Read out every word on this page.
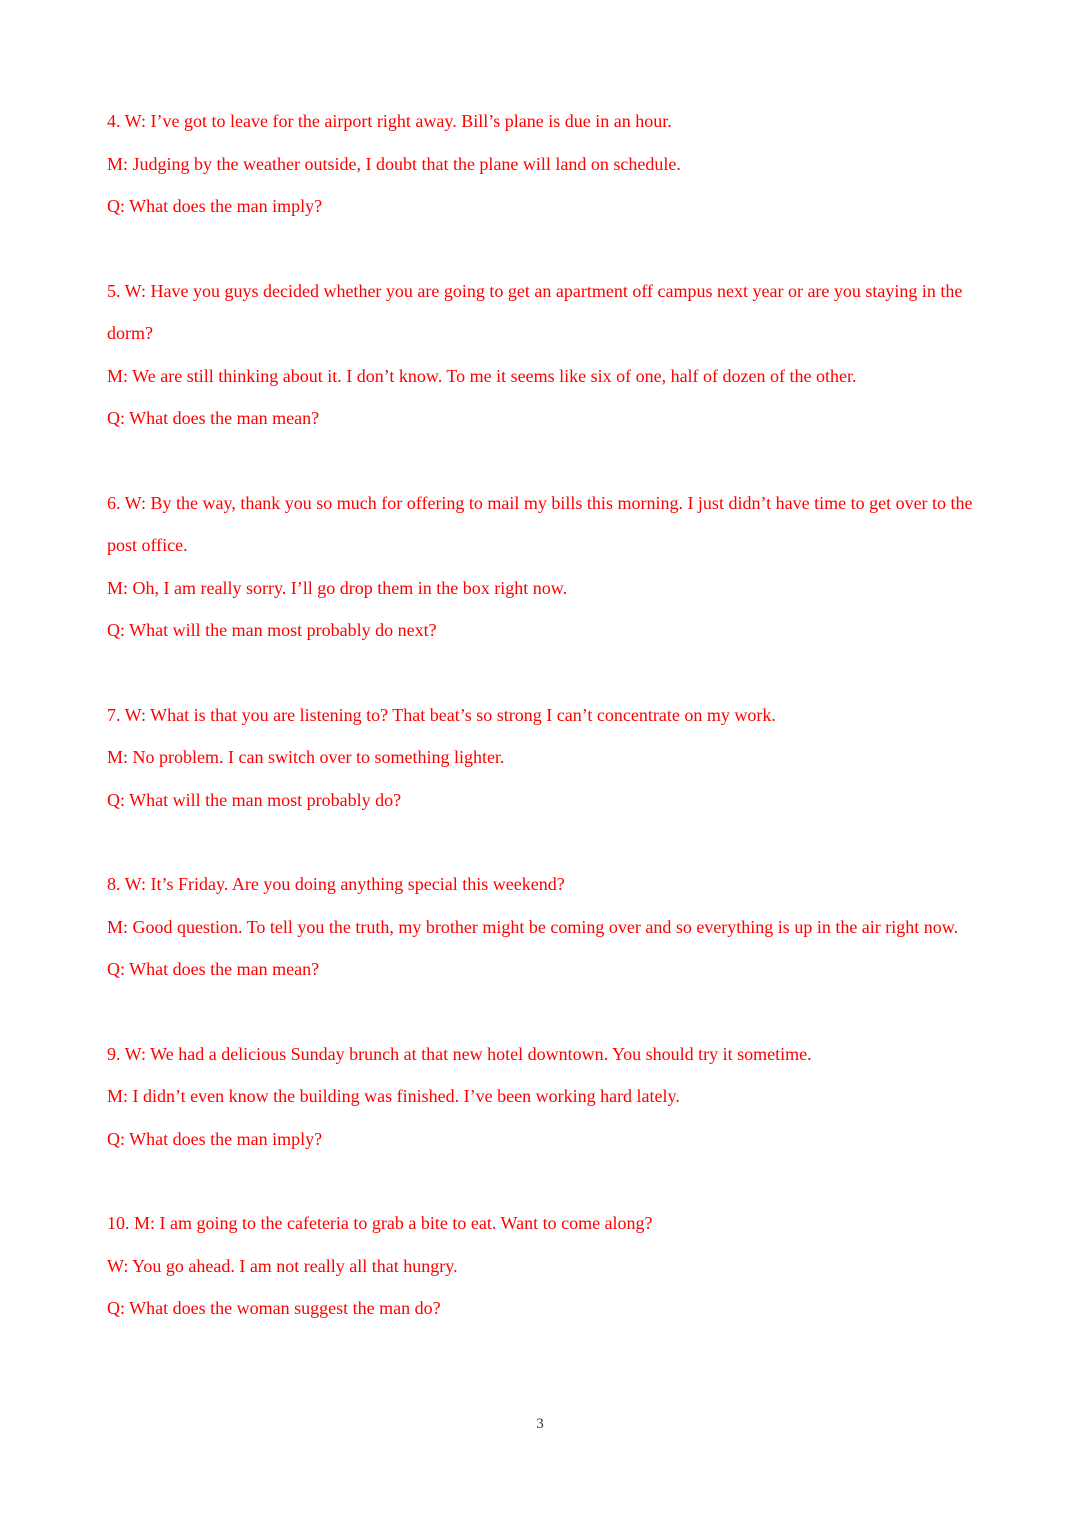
4. W: I’ve got to leave for the airport right away. Bill’s plane is due in an hour.

M: Judging by the weather outside, I doubt that the plane will land on schedule.

Q: What does the man imply?

5. W: Have you guys decided whether you are going to get an apartment off campus next year or are you staying in the dorm?

M: We are still thinking about it. I don’t know. To me it seems like six of one, half of dozen of the other.

Q: What does the man mean?

6. W: By the way, thank you so much for offering to mail my bills this morning. I just didn’t have time to get over to the post office.

M: Oh, I am really sorry. I’ll go drop them in the box right now.

Q: What will the man most probably do next?

7. W: What is that you are listening to? That beat’s so strong I can’t concentrate on my work.

M: No problem. I can switch over to something lighter.

Q: What will the man most probably do?

8. W: It’s Friday. Are you doing anything special this weekend?

M: Good question. To tell you the truth, my brother might be coming over and so everything is up in the air right now.

Q: What does the man mean?

9. W: We had a delicious Sunday brunch at that new hotel downtown. You should try it sometime.

M: I didn’t even know the building was finished. I’ve been working hard lately.

Q: What does the man imply?

10. M: I am going to the cafeteria to grab a bite to eat. Want to come along?

W: You go ahead. I am not really all that hungry.

Q: What does the woman suggest the man do?

3
